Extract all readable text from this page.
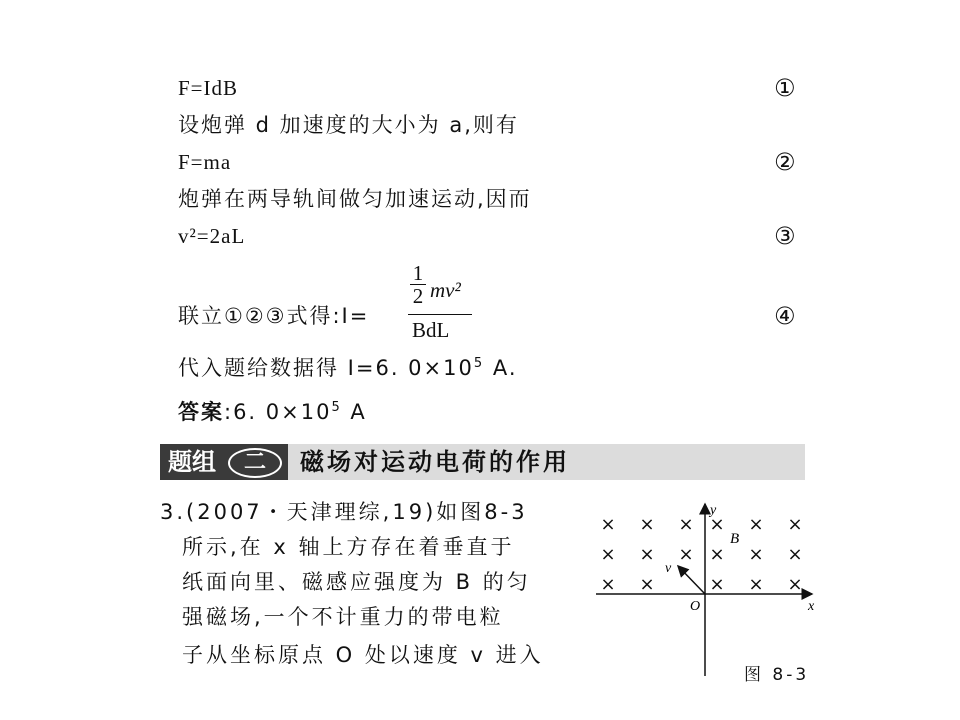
F=IdB	①
设炮弹 d 加速度的大小为 a,则有
F=ma	②
炮弹在两导轨间做匀加速运动,因而
v²=2aL	③
联立①②③式得:I=
1
2 mv²
BdL	④
代入题给数据得 I=6. $0\times 10^5$ A.
答案:6. $0\times 10^5$ A
题组	二	磁场对运动电荷的作用
3.(2007・天津理综,19)如图8-3
所示,在 x 轴上方存在着垂直于
纸面向里、磁感应强度为 B 的匀
强磁场,一个不计重力的带电粒
子从坐标原点 O 处以速度 v 进入
× × × × × ×
× × × × × ×
× ×	× × ×
y
x
O
B
v
图 8-3
